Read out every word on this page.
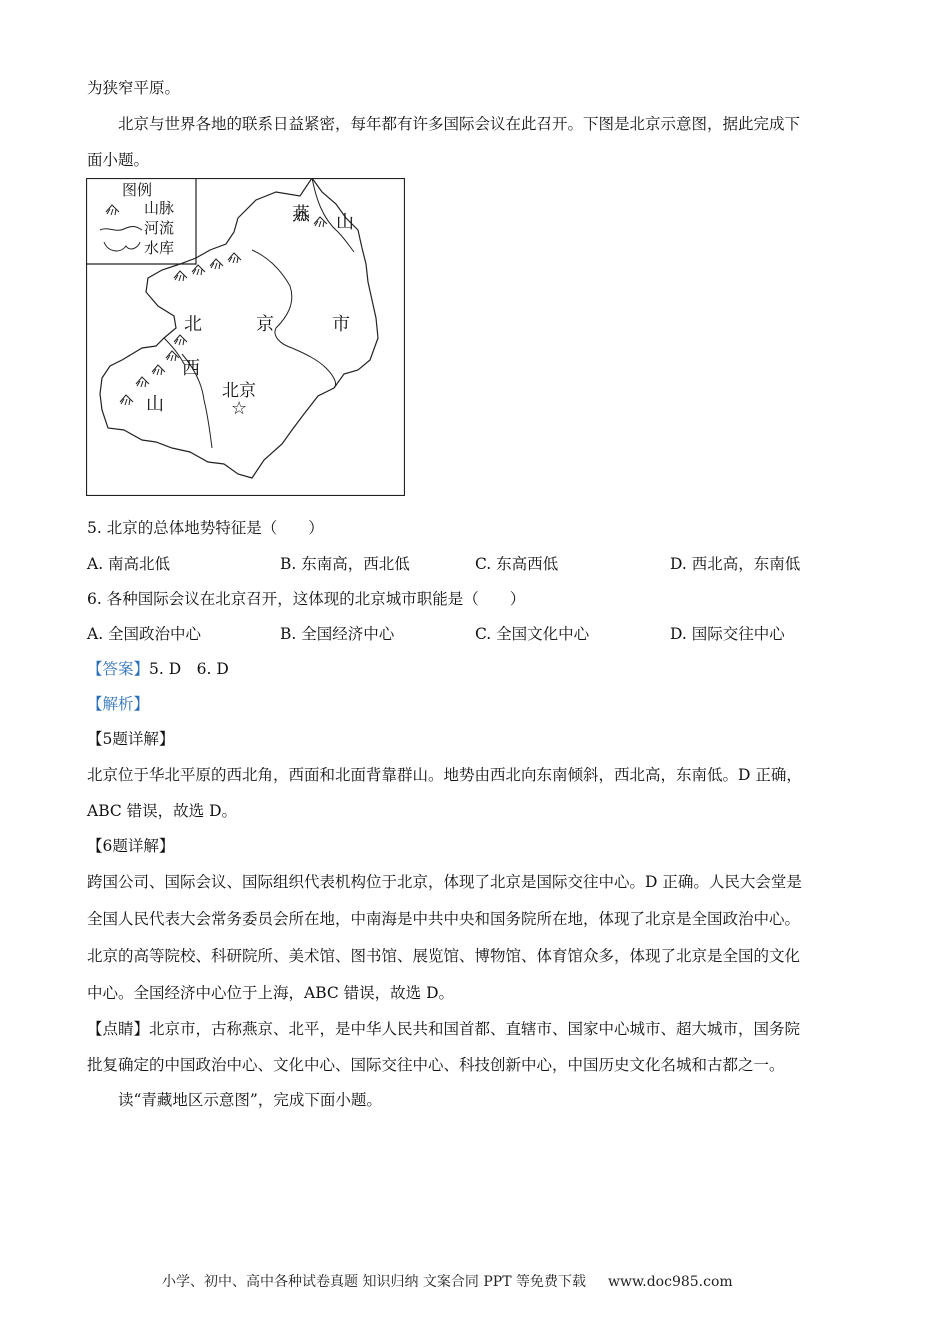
为狭窄平原。
北京与世界各地的联系日益紧密，每年都有许多国际会议在此召开。下图是北京示意图，据此完成下
面小题。
图例
山脉
河流
水库
燕 山
北	京	市
西
山
北京
☆
5. 北京的总体地势特征是（　　）
A. 南高北低	B. 东南高，西北低	C. 东高西低	D. 西北高，东南低
6. 各种国际会议在北京召开，这体现的北京城市职能是（　　）
A. 全国政治中心	B. 全国经济中心	C. 全国文化中心	D. 国际交往中心
【答案】5. D　6. D
【解析】
【5题详解】
北京位于华北平原的西北角，西面和北面背靠群山。地势由西北向东南倾斜，西北高，东南低。D 正确，
ABC 错误，故选 D。
【6题详解】
跨国公司、国际会议、国际组织代表机构位于北京，体现了北京是国际交往中心。D 正确。人民大会堂是
全国人民代表大会常务委员会所在地，中南海是中共中央和国务院所在地，体现了北京是全国政治中心。
北京的高等院校、科研院所、美术馆、图书馆、展览馆、博物馆、体育馆众多，体现了北京是全国的文化
中心。全国经济中心位于上海，ABC 错误，故选 D。
【点睛】北京市，古称燕京、北平，是中华人民共和国首都、直辖市、国家中心城市、超大城市，国务院
批复确定的中国政治中心、文化中心、国际交往中心、科技创新中心，中国历史文化名城和古都之一。
读“青藏地区示意图”，完成下面小题。
小学、初中、高中各种试卷真题 知识归纳 文案合同 PPT 等免费下载 www.doc985.com
